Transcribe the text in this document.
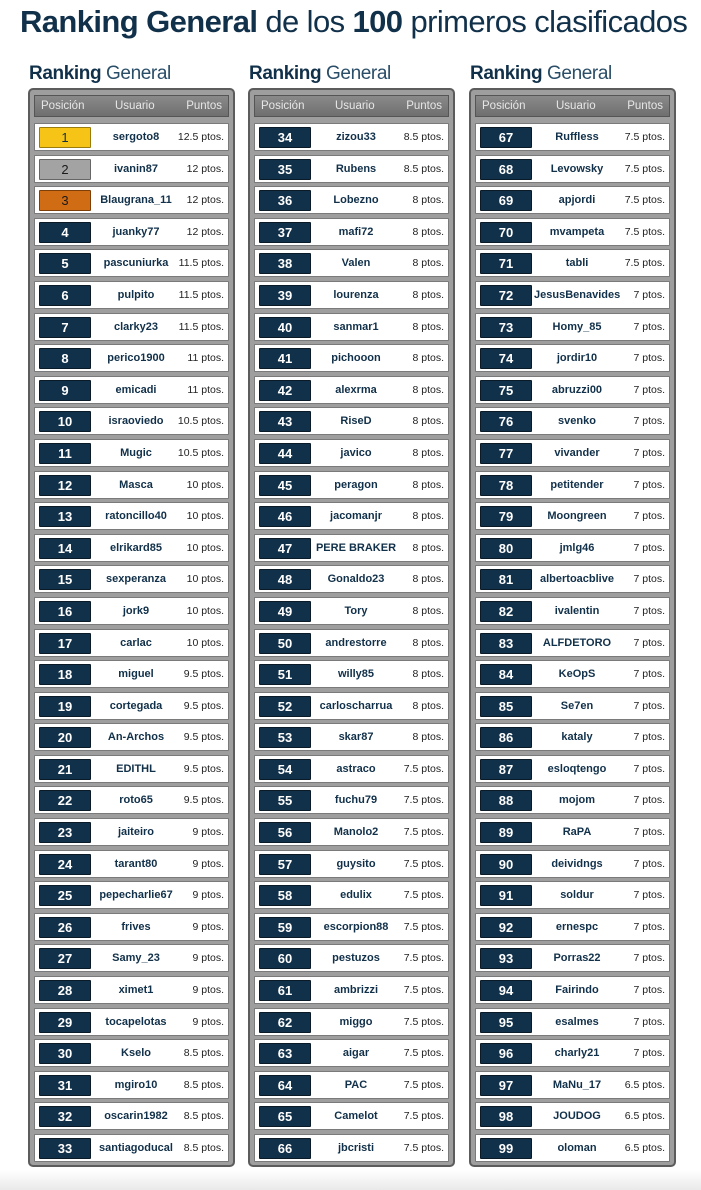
Ranking General de los 100 primeros clasificados
Ranking General
Posición	Usuario	Puntos
1	sergoto8	12.5 ptos.
2	ivanin87	12 ptos.
3	Blaugrana_11	12 ptos.
4	juanky77	12 ptos.
5	pascuniurka 11.5 ptos.
6	pulpito	11.5 ptos.
7	clarky23	11.5 ptos.
8	perico1900	11 ptos.
9	emicadi	11 ptos.
10	israoviedo	10.5 ptos.
11	Mugic	10.5 ptos.
12	Masca	10 ptos.
13	ratoncillo40	10 ptos.
14	elrikard85	10 ptos.
15	sexperanza	10 ptos.
16	jork9	10 ptos.
17	carlac	10 ptos.
18	miguel	9.5 ptos.
19	cortegada	9.5 ptos.
20	An-Archos	9.5 ptos.
21	EDITHL	9.5 ptos.
22	roto65	9.5 ptos.
23	jaiteiro	9 ptos.
24	tarant80	9 ptos.
25	pepecharlie67	9 ptos.
26	frives	9 ptos.
27	Samy_23	9 ptos.
28	ximet1	9 ptos.
29	tocapelotas	9 ptos.
30	Kselo	8.5 ptos.
31	mgiro10	8.5 ptos.
32	oscarin1982	8.5 ptos.
33	santiagoducal	8.5 ptos.
Ranking General
Posición	Usuario	Puntos
34	zizou33	8.5 ptos.
35	Rubens	8.5 ptos.
36	Lobezno	8 ptos.
37	mafi72	8 ptos.
38	Valen	8 ptos.
39	lourenza	8 ptos.
40	sanmar1	8 ptos.
41	pichooon	8 ptos.
42	alexrma	8 ptos.
43	RiseD	8 ptos.
44	javico	8 ptos.
45	peragon	8 ptos.
46	jacomanjr	8 ptos.
47	PERE BRAKER 8 ptos.
48	Gonaldo23	8 ptos.
49	Tory	8 ptos.
50	andrestorre	8 ptos.
51	willy85	8 ptos.
52	carloscharrua	8 ptos.
53	skar87	8 ptos.
54	astraco	7.5 ptos.
55	fuchu79	7.5 ptos.
56	Manolo2	7.5 ptos.
57	guysito	7.5 ptos.
58	edulix	7.5 ptos.
59	escorpion88	7.5 ptos.
60	pestuzos	7.5 ptos.
61	ambrizzi	7.5 ptos.
62	miggo	7.5 ptos.
63	aigar	7.5 ptos.
64	PAC	7.5 ptos.
65	Camelot	7.5 ptos.
66	jbcristi	7.5 ptos.
Ranking General
Posición	Usuario	Puntos
67	Ruffless	7.5 ptos.
68	Levowsky	7.5 ptos.
69	apjordi	7.5 ptos.
70	mvampeta	7.5 ptos.
71	tabli	7.5 ptos.
72	JesusBenavides 7 ptos.
73	Homy_85	7 ptos.
74	jordir10	7 ptos.
75	abruzzi00	7 ptos.
76	svenko	7 ptos.
77	vivander	7 ptos.
78	petitender	7 ptos.
79	Moongreen	7 ptos.
80	jmlg46	7 ptos.
81	albertoacblive	7 ptos.
82	ivalentin	7 ptos.
83	ALFDETORO	7 ptos.
84	KeOpS	7 ptos.
85	Se7en	7 ptos.
86	kataly	7 ptos.
87	esloqtengo	7 ptos.
88	mojom	7 ptos.
89	RaPA	7 ptos.
90	deividngs	7 ptos.
91	soldur	7 ptos.
92	ernespc	7 ptos.
93	Porras22	7 ptos.
94	Fairindo	7 ptos.
95	esalmes	7 ptos.
96	charly21	7 ptos.
97	MaNu_17	6.5 ptos.
98	JOUDOG	6.5 ptos.
99	oloman	6.5 ptos.
